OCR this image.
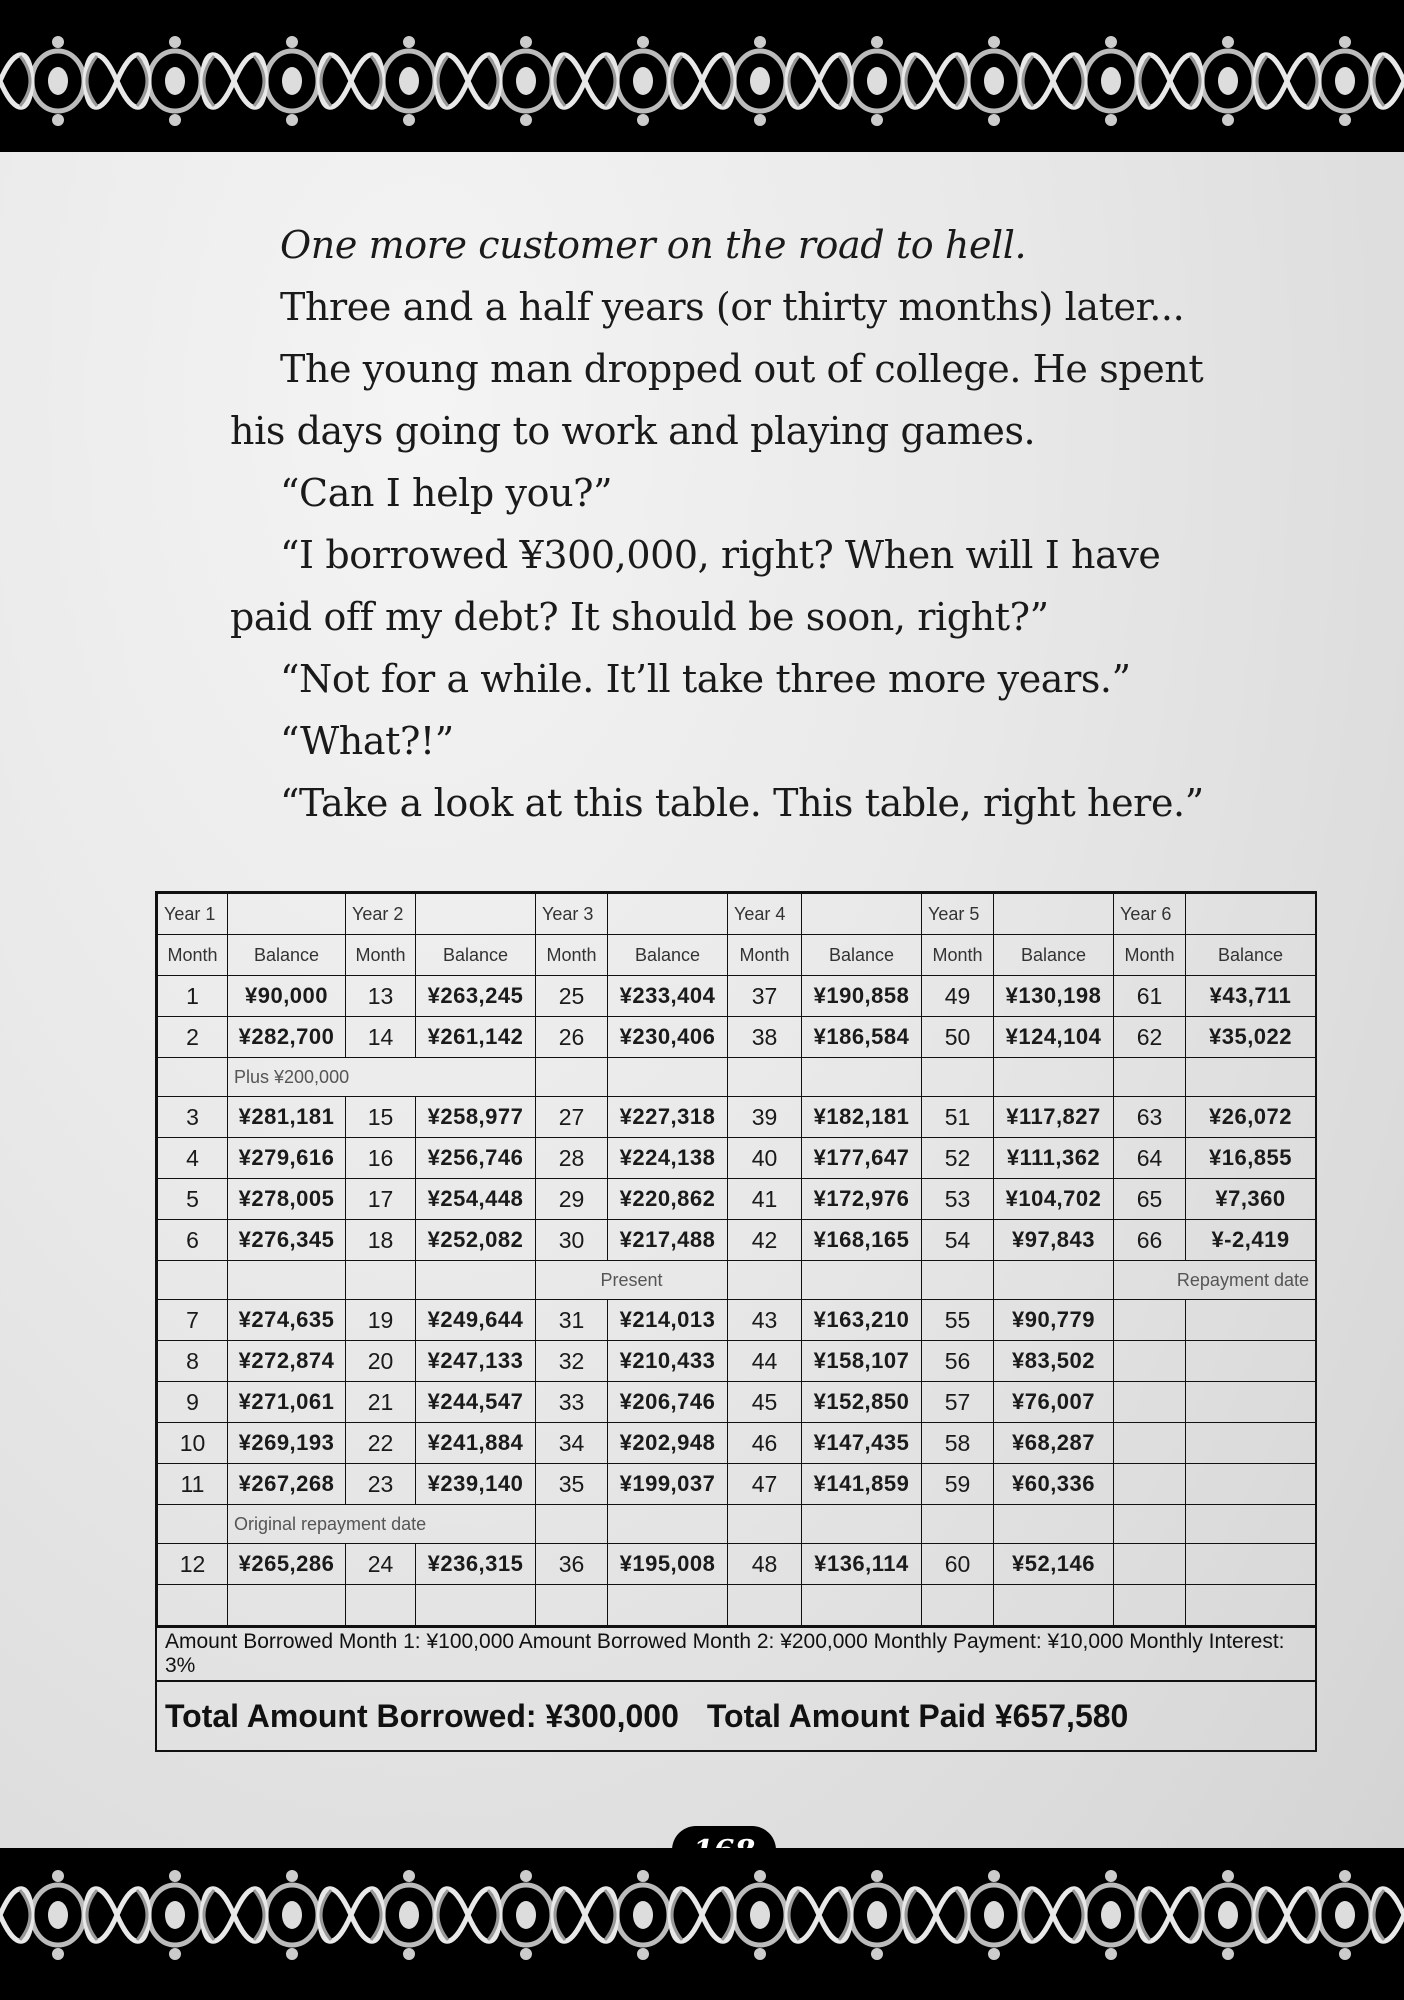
One more customer on the road to hell.

Three and a half years (or thirty months) later...

The young man dropped out of college. He spent his days going to work and playing games.

“Can I help you?”

“I borrowed ¥300,000, right? When will I have paid off my debt? It should be soon, right?”

“Not for a while. It’ll take three more years.”

“What?!”

“Take a look at this table. This table, right here.”

Year 1		Year 2		Year 3		Year 4		Year 5		Year 6	
Month	Balance	Month	Balance	Month	Balance	Month	Balance	Month	Balance	Month	Balance
1	¥90,000	13	¥263,245	25	¥233,404	37	¥190,858	49	¥130,198	61	¥43,711
2	¥282,700	14	¥261,142	26	¥230,406	38	¥186,584	50	¥124,104	62	¥35,022
	Plus ¥200,000										
3	¥281,181	15	¥258,977	27	¥227,318	39	¥182,181	51	¥117,827	63	¥26,072
4	¥279,616	16	¥256,746	28	¥224,138	40	¥177,647	52	¥111,362	64	¥16,855
5	¥278,005	17	¥254,448	29	¥220,862	41	¥172,976	53	¥104,702	65	¥7,360
6	¥276,345	18	¥252,082	30	¥217,488	42	¥168,165	54	¥97,843	66	¥-2,419
				Present						Repayment date	
7	¥274,635	19	¥249,644	31	¥214,013	43	¥163,210	55	¥90,779		
8	¥272,874	20	¥247,133	32	¥210,433	44	¥158,107	56	¥83,502		
9	¥271,061	21	¥244,547	33	¥206,746	45	¥152,850	57	¥76,007		
10	¥269,193	22	¥241,884	34	¥202,948	46	¥147,435	58	¥68,287		
11	¥267,268	23	¥239,140	35	¥199,037	47	¥141,859	59	¥60,336		
	Original repayment date										
12	¥265,286	24	¥236,315	36	¥195,008	48	¥136,114	60	¥52,146		

Amount Borrowed Month 1: ¥100,000 Amount Borrowed Month 2: ¥200,000 Monthly Payment: ¥10,000 Monthly Interest: 3%
Total Amount Borrowed: ¥300,000 Total Amount Paid ¥657,580
